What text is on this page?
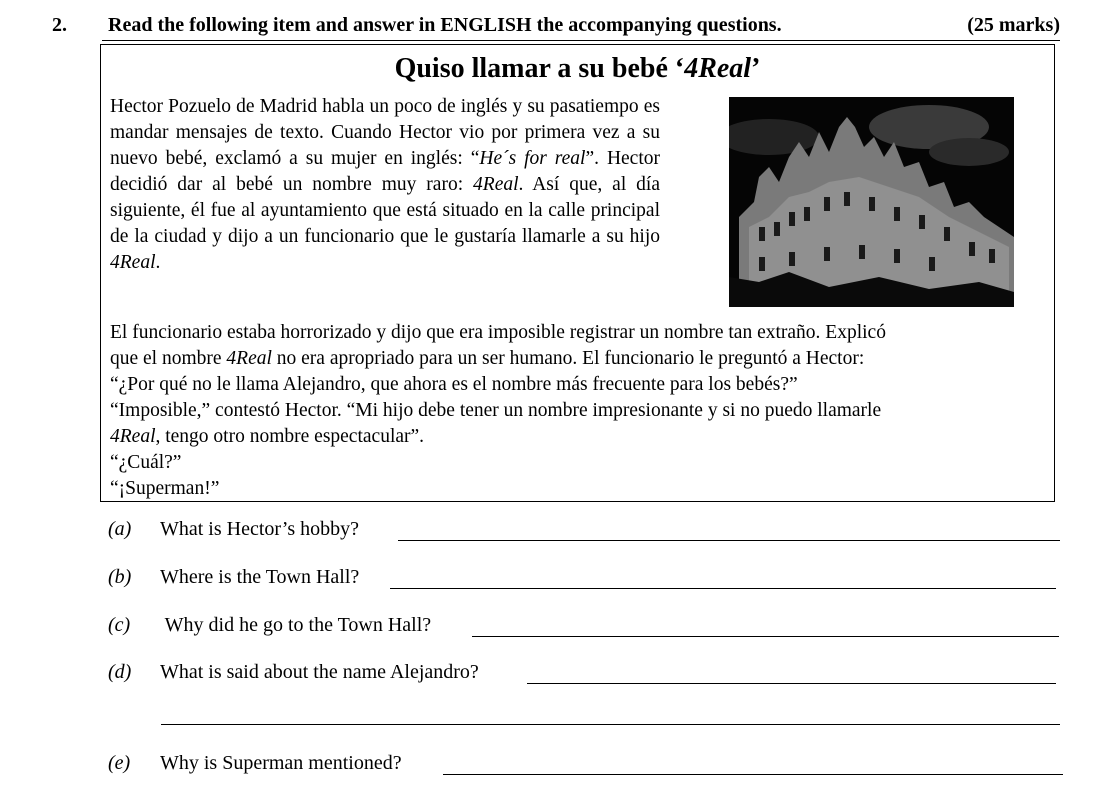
2. Read the following item and answer in ENGLISH the accompanying questions.	(25 marks)
Quiso llamar a su bebé ‘4Real’
Hector Pozuelo de Madrid habla un poco de inglés y su pasatiempo es mandar mensajes de texto. Cuando Hector vio por primera vez a su nuevo bebé, exclamó a su mujer en inglés: “He´s for real”. Hector decidió dar al bebé un nombre muy raro: 4Real. Así que, al día siguiente, él fue al ayuntamiento que está situado en la calle principal de la ciudad y dijo a un funcionario que le gustaría llamarle a su hijo 4Real.
El funcionario estaba horrorizado y dijo que era imposible registrar un nombre tan extraño. Explicó
que el nombre 4Real no era apropriado para un ser humano. El funcionario le preguntó a Hector:
“¿Por qué no le llama Alejandro, que ahora es el nombre más frecuente para los bebés?”
“Imposible,” contestó Hector. “Mi hijo debe tener un nombre impresionante y si no puedo llamarle
4Real, tengo otro nombre espectacular”.
“¿Cuál?”
“¡Superman!”
(a) What is Hector’s hobby?
(b) Where is the Town Hall?
(c) Why did he go to the Town Hall?
(d) What is said about the name Alejandro?
(e) Why is Superman mentioned?
